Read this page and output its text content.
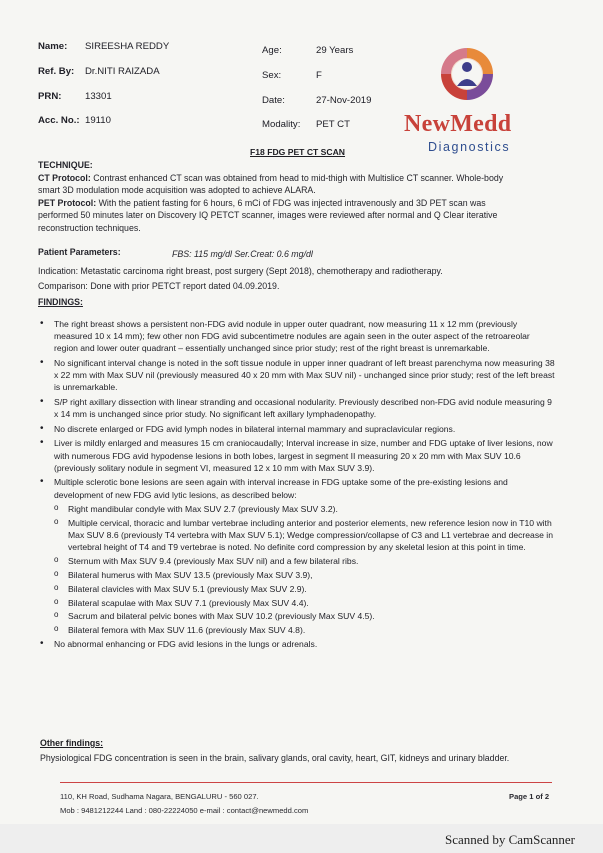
Name: SIREESHA REDDY
Ref. By: Dr.NITI RAIZADA
PRN: 13301
Acc. No.: 19110
Age:	29 Years
Sex:	F
Date:	27-Nov-2019
Modality: PET CT NewMedd
Diagnostics
F18 FDG PET CT SCAN
TECHNIQUE:
CT Protocol: Contrast enhanced CT scan was obtained from head to mid-thigh with Multislice CT scanner. Whole-body
smart 3D modulation mode acquisition was adopted to achieve ALARA.
PET Protocol: With the patient fasting for 6 hours, 6 mCi of FDG was injected intravenously and 3D PET scan was
performed 50 minutes later on Discovery IQ PETCT scanner, images were reviewed after normal and Q Clear iterative
reconstruction techniques.
Patient Parameters:	FBS: 115 mg/dl Ser.Creat: 0.6 mg/dl
Indication: Metastatic carcinoma right breast, post surgery (Sept 2018), chemotherapy and radiotherapy.
Comparison: Done with prior PETCT report dated 04.09.2019.
FINDINGS:
• The right breast shows a persistent non-FDG avid nodule in upper outer quadrant, now measuring 11 x 12 mm (previously measured 10 x 14 mm); few other non FDG avid subcentimetre nodules are again seen in the outer aspect of the retroareolar region and lower outer quadrant – essentially unchanged since prior study; rest of the right breast is unremarkable.
• No significant interval change is noted in the soft tissue nodule in upper inner quadrant of left breast parenchyma now measuring 38 x 22 mm with Max SUV nil (previously measured 40 x 20 mm with Max SUV nil) - unchanged since prior study; rest of the left breast is unremarkable.
• S/P right axillary dissection with linear stranding and occasional nodularity. Previously described non-FDG avid nodule measuring 9 x 14 mm is unchanged since prior study. No significant left axillary lymphadenopathy.
• No discrete enlarged or FDG avid lymph nodes in bilateral internal mammary and supraclavicular regions.
• Liver is mildly enlarged and measures 15 cm craniocaudally; Interval increase in size, number and FDG uptake of liver lesions, now with numerous FDG avid hypodense lesions in both lobes, largest in segment II measuring 20 x 20 mm with Max SUV 10.6 (previously solitary nodule in segment VI, measured 12 x 10 mm with Max SUV 3.9).
• Multiple sclerotic bone lesions are seen again with interval increase in FDG uptake some of the pre-existing lesions and development of new FDG avid lytic lesions, as described below:
o Right mandibular condyle with Max SUV 2.7 (previously Max SUV 3.2).
o Multiple cervical, thoracic and lumbar vertebrae including anterior and posterior elements, new reference lesion now in T10 with Max SUV 8.6 (previously T4 vertebra with Max SUV 5.1); Wedge compression/collapse of C3 and L1 vertebrae and decrease in vertebral height of T4 and T9 vertebrae is noted. No definite cord compression by any skeletal lesion at this point in time.
o Sternum with Max SUV 9.4 (previously Max SUV nil) and a few bilateral ribs.
o Bilateral humerus with Max SUV 13.5 (previously Max SUV 3.9),
o Bilateral clavicles with Max SUV 5.1 (previously Max SUV 2.9).
o Bilateral scapulae with Max SUV 7.1 (previously Max SUV 4.4).
o Sacrum and bilateral pelvic bones with Max SUV 10.2 (previously Max SUV 4.5).
o Bilateral femora with Max SUV 11.6 (previously Max SUV 4.8).
• No abnormal enhancing or FDG avid lesions in the lungs or adrenals.
Other findings:
Physiological FDG concentration is seen in the brain, salivary glands, oral cavity, heart, GIT, kidneys and urinary bladder.
110, KH Road, Sudhama Nagara, BENGALURU - 560 027.
Mob : 9481212244 Land : 080-22224050 e-mail : contact@newmedd.com
Page 1 of 2
Scanned by CamScanner
